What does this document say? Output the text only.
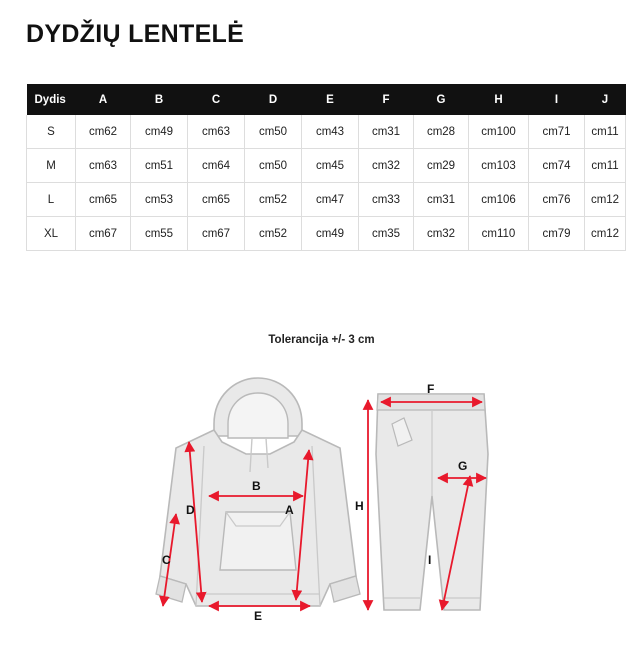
DYDŽIŲ LENTELĖ
Dydis	A	B	C	D	E	F	G	H	I	J
S	cm62	cm49	cm63	cm50	cm43	cm31	cm28	cm100	cm71	cm11
M	cm63	cm51	cm64	cm50	cm45	cm32	cm29	cm103	cm74	cm11
L	cm65	cm53	cm65	cm52	cm47	cm33	cm31	cm106	cm76	cm12
XL	cm67	cm55	cm67	cm52	cm49	cm35	cm32	cm110	cm79	cm12
Tolerancija +/- 3 cm
A
B
C
D
E
F
G
H
I
